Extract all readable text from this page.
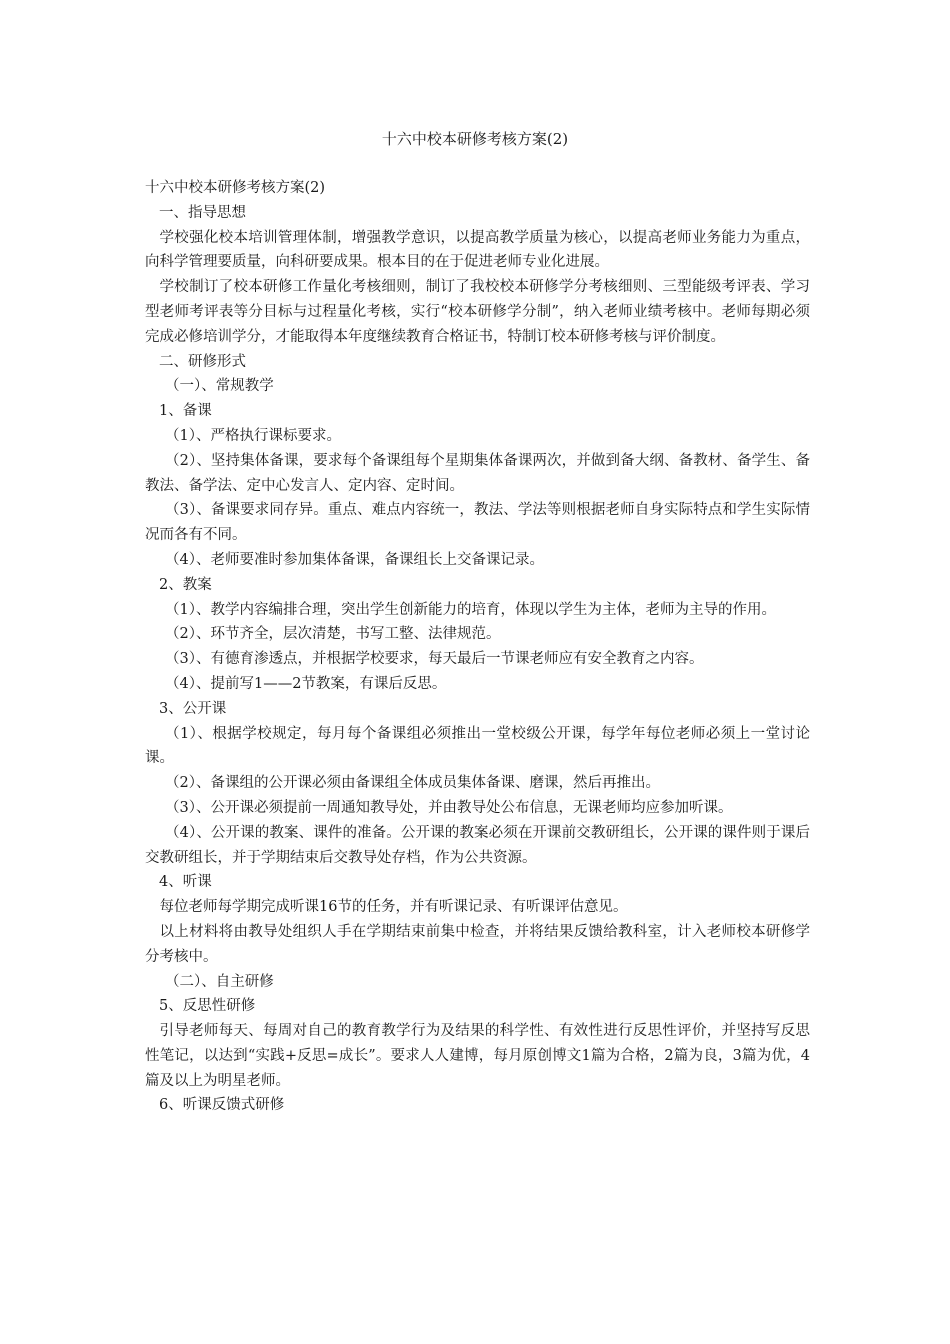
十六中校本研修考核方案(2)

十六中校本研修考核方案(2)

一、指导思想

学校强化校本培训管理体制，增强教学意识，以提高教学质量为核心，以提高老师业务能力为重点，向科学管理要质量，向科研要成果。根本目的在于促进老师专业化进展。

学校制订了校本研修工作量化考核细则，制订了我校校本研修学分考核细则、三型能级考评表、学习型老师考评表等分目标与过程量化考核，实行“校本研修学分制”，纳入老师业绩考核中。老师每期必须完成必修培训学分，才能取得本年度继续教育合格证书，特制订校本研修考核与评价制度。

二、研修形式

（一）、常规教学

1、备课

（1）、严格执行课标要求。

（2）、坚持集体备课，要求每个备课组每个星期集体备课两次，并做到备大纲、备教材、备学生、备教法、备学法、定中心发言人、定内容、定时间。

（3）、备课要求同存异。重点、难点内容统一，教法、学法等则根据老师自身实际特点和学生实际情况而各有不同。

（4）、老师要准时参加集体备课，备课组长上交备课记录。

2、教案

（1）、教学内容编排合理，突出学生创新能力的培育，体现以学生为主体，老师为主导的作用。

（2）、环节齐全，层次清楚，书写工整、法律规范。

（3）、有德育渗透点，并根据学校要求，每天最后一节课老师应有安全教育之内容。

（4）、提前写1——2节教案，有课后反思。

3、公开课

（1）、根据学校规定，每月每个备课组必须推出一堂校级公开课，每学年每位老师必须上一堂讨论课。

（2）、备课组的公开课必须由备课组全体成员集体备课、磨课，然后再推出。

（3）、公开课必须提前一周通知教导处，并由教导处公布信息，无课老师均应参加听课。

（4）、公开课的教案、课件的准备。公开课的教案必须在开课前交教研组长，公开课的课件则于课后交教研组长，并于学期结束后交教导处存档，作为公共资源。

4、听课

每位老师每学期完成听课16节的任务，并有听课记录、有听课评估意见。

以上材料将由教导处组织人手在学期结束前集中检查，并将结果反馈给教科室，计入老师校本研修学分考核中。

（二）、自主研修

5、反思性研修

引导老师每天、每周对自己的教育教学行为及结果的科学性、有效性进行反思性评价，并坚持写反思性笔记，以达到“实践+反思=成长”。要求人人建博，每月原创博文1篇为合格，2篇为良，3篇为优，4篇及以上为明星老师。

6、听课反馈式研修
